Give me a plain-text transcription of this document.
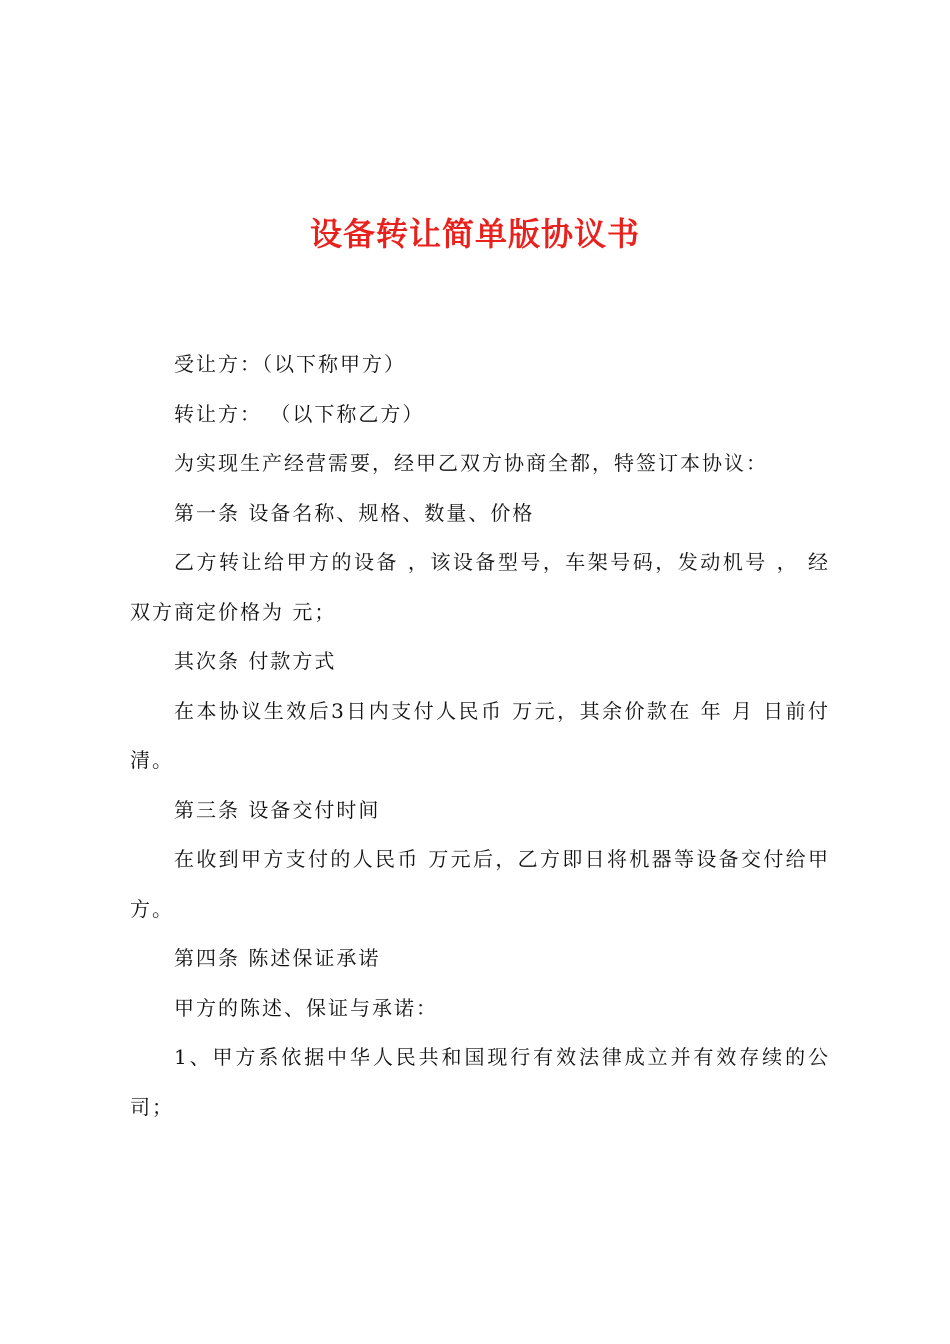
设备转让简单版协议书

受让方：（以下称甲方）

转让方： （以下称乙方）

为实现生产经营需要，经甲乙双方协商全都，特签订本协议：

第一条 设备名称、规格、数量、价格

乙方转让给甲方的设备 ，该设备型号，车架号码，发动机号 ， 经双方商定价格为 元；

其次条 付款方式

在本协议生效后3日内支付人民币 万元，其余价款在 年 月 日前付清。

第三条 设备交付时间

在收到甲方支付的人民币 万元后，乙方即日将机器等设备交付给甲方。

第四条 陈述保证承诺

甲方的陈述、保证与承诺：

1、甲方系依据中华人民共和国现行有效法律成立并有效存续的公司；
